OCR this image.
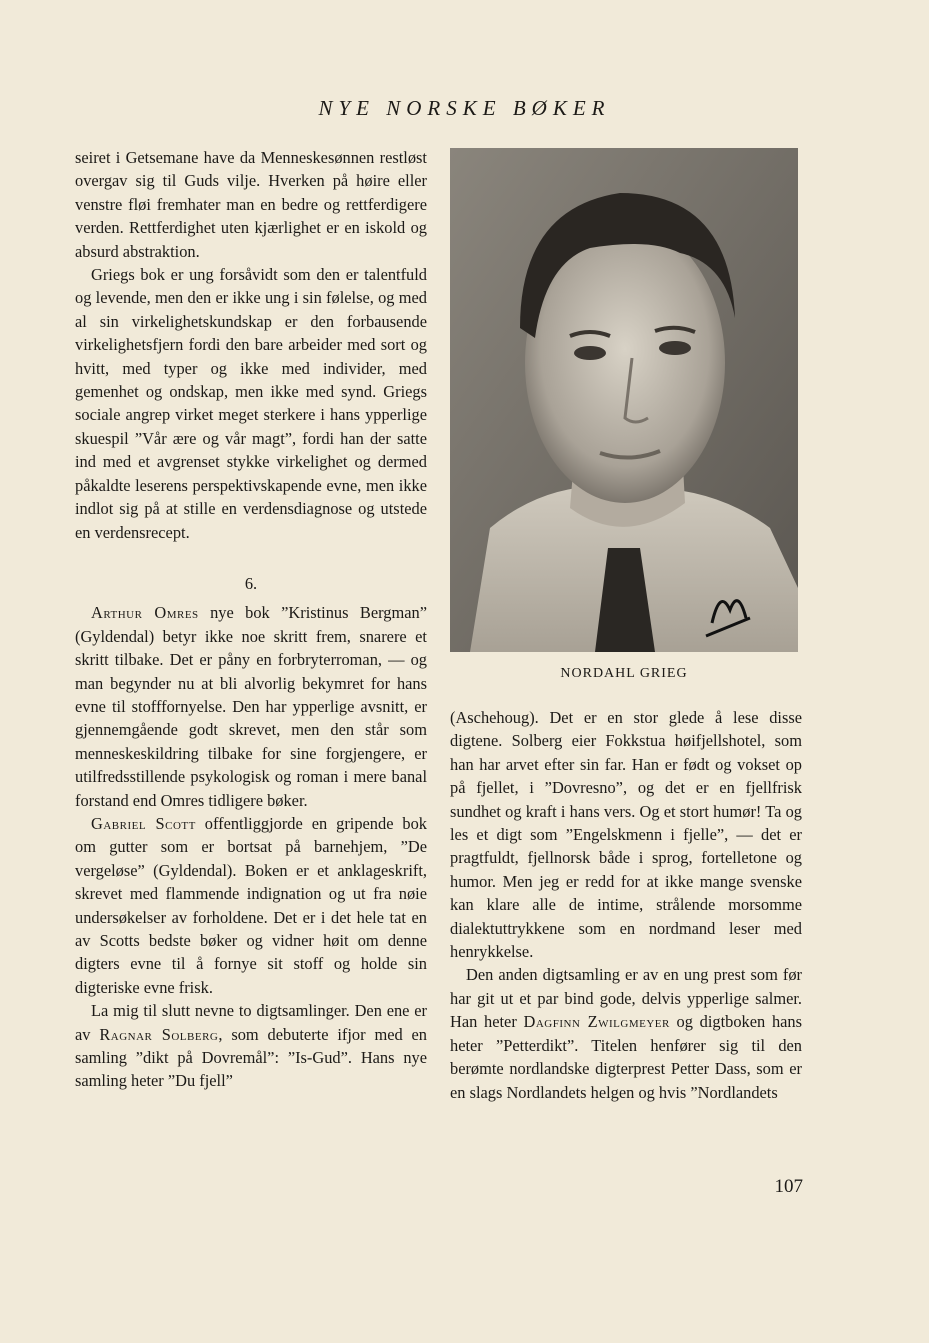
NYE NORSKE BØKER

seiret i Getsemane have da Menneskesønnen restløst overgav sig til Guds vilje. Hverken på høire eller venstre fløi fremhater man en bedre og rettferdigere verden. Rettferdighet uten kjærlighet er en iskold og absurd abstraktion.

Griegs bok er ung forsåvidt som den er talentfuld og levende, men den er ikke ung i sin følelse, og med al sin virkelighetskundskap er den forbausende virkelighetsfjern fordi den bare arbeider med sort og hvitt, med typer og ikke med individer, med gemenhet og ondskap, men ikke med synd. Griegs sociale angrep virket meget sterkere i hans ypperlige skuespil ”Vår ære og vår magt”, fordi han der satte ind med et avgrenset stykke virkelighet og dermed påkaldte leserens perspektivskapende evne, men ikke indlot sig på at stille en verdensdiagnose og utstede en verdensrecept.

6.

Arthur Omres nye bok ”Kristinus Bergman” (Gyldendal) betyr ikke noe skritt frem, snarere et skritt tilbake. Det er påny en forbryterroman, — og man begynder nu at bli alvorlig bekymret for hans evne til stofffornyelse. Den har ypperlige avsnitt, er gjennemgående godt skrevet, men den står som menneskeskildring tilbake for sine forgjengere, er utilfredsstillende psykologisk og roman i mere banal forstand end Omres tidligere bøker.

Gabriel Scott offentliggjorde en gripende bok om gutter som er bortsat på barnehjem, ”De vergeløse” (Gyldendal). Boken er et anklageskrift, skrevet med flammende indignation og ut fra nøie undersøkelser av forholdene. Det er i det hele tat en av Scotts bedste bøker og vidner høit om denne digters evne til å fornye sit stoff og holde sin digteriske evne frisk.

La mig til slutt nevne to digtsamlinger. Den ene er av Ragnar Solberg, som debuterte ifjor med en samling ”dikt på Dovremål”: ”Is-Gud”. Hans nye samling heter ”Du fjell”

NORDAHL GRIEG

(Aschehoug). Det er en stor glede å lese disse digtene. Solberg eier Fokkstua høifjellshotel, som han har arvet efter sin far. Han er født og vokset op på fjellet, i ”Dovresno”, og det er en fjellfrisk sundhet og kraft i hans vers. Og et stort humør! Ta og les et digt som ”Engelskmenn i fjelle”, — det er pragtfuldt, fjellnorsk både i sprog, fortelletone og humor. Men jeg er redd for at ikke mange svenske kan klare alle de intime, strålende morsomme dialektuttrykkene som en nordmand leser med henrykkelse.

Den anden digtsamling er av en ung prest som før har git ut et par bind gode, delvis ypperlige salmer. Han heter Dagfinn Zwilgmeyer og digtboken hans heter ”Petterdikt”. Titelen henfører sig til den berømte nordlandske digterprest Petter Dass, som er en slags Nordlandets helgen og hvis ”Nordlandets

107
